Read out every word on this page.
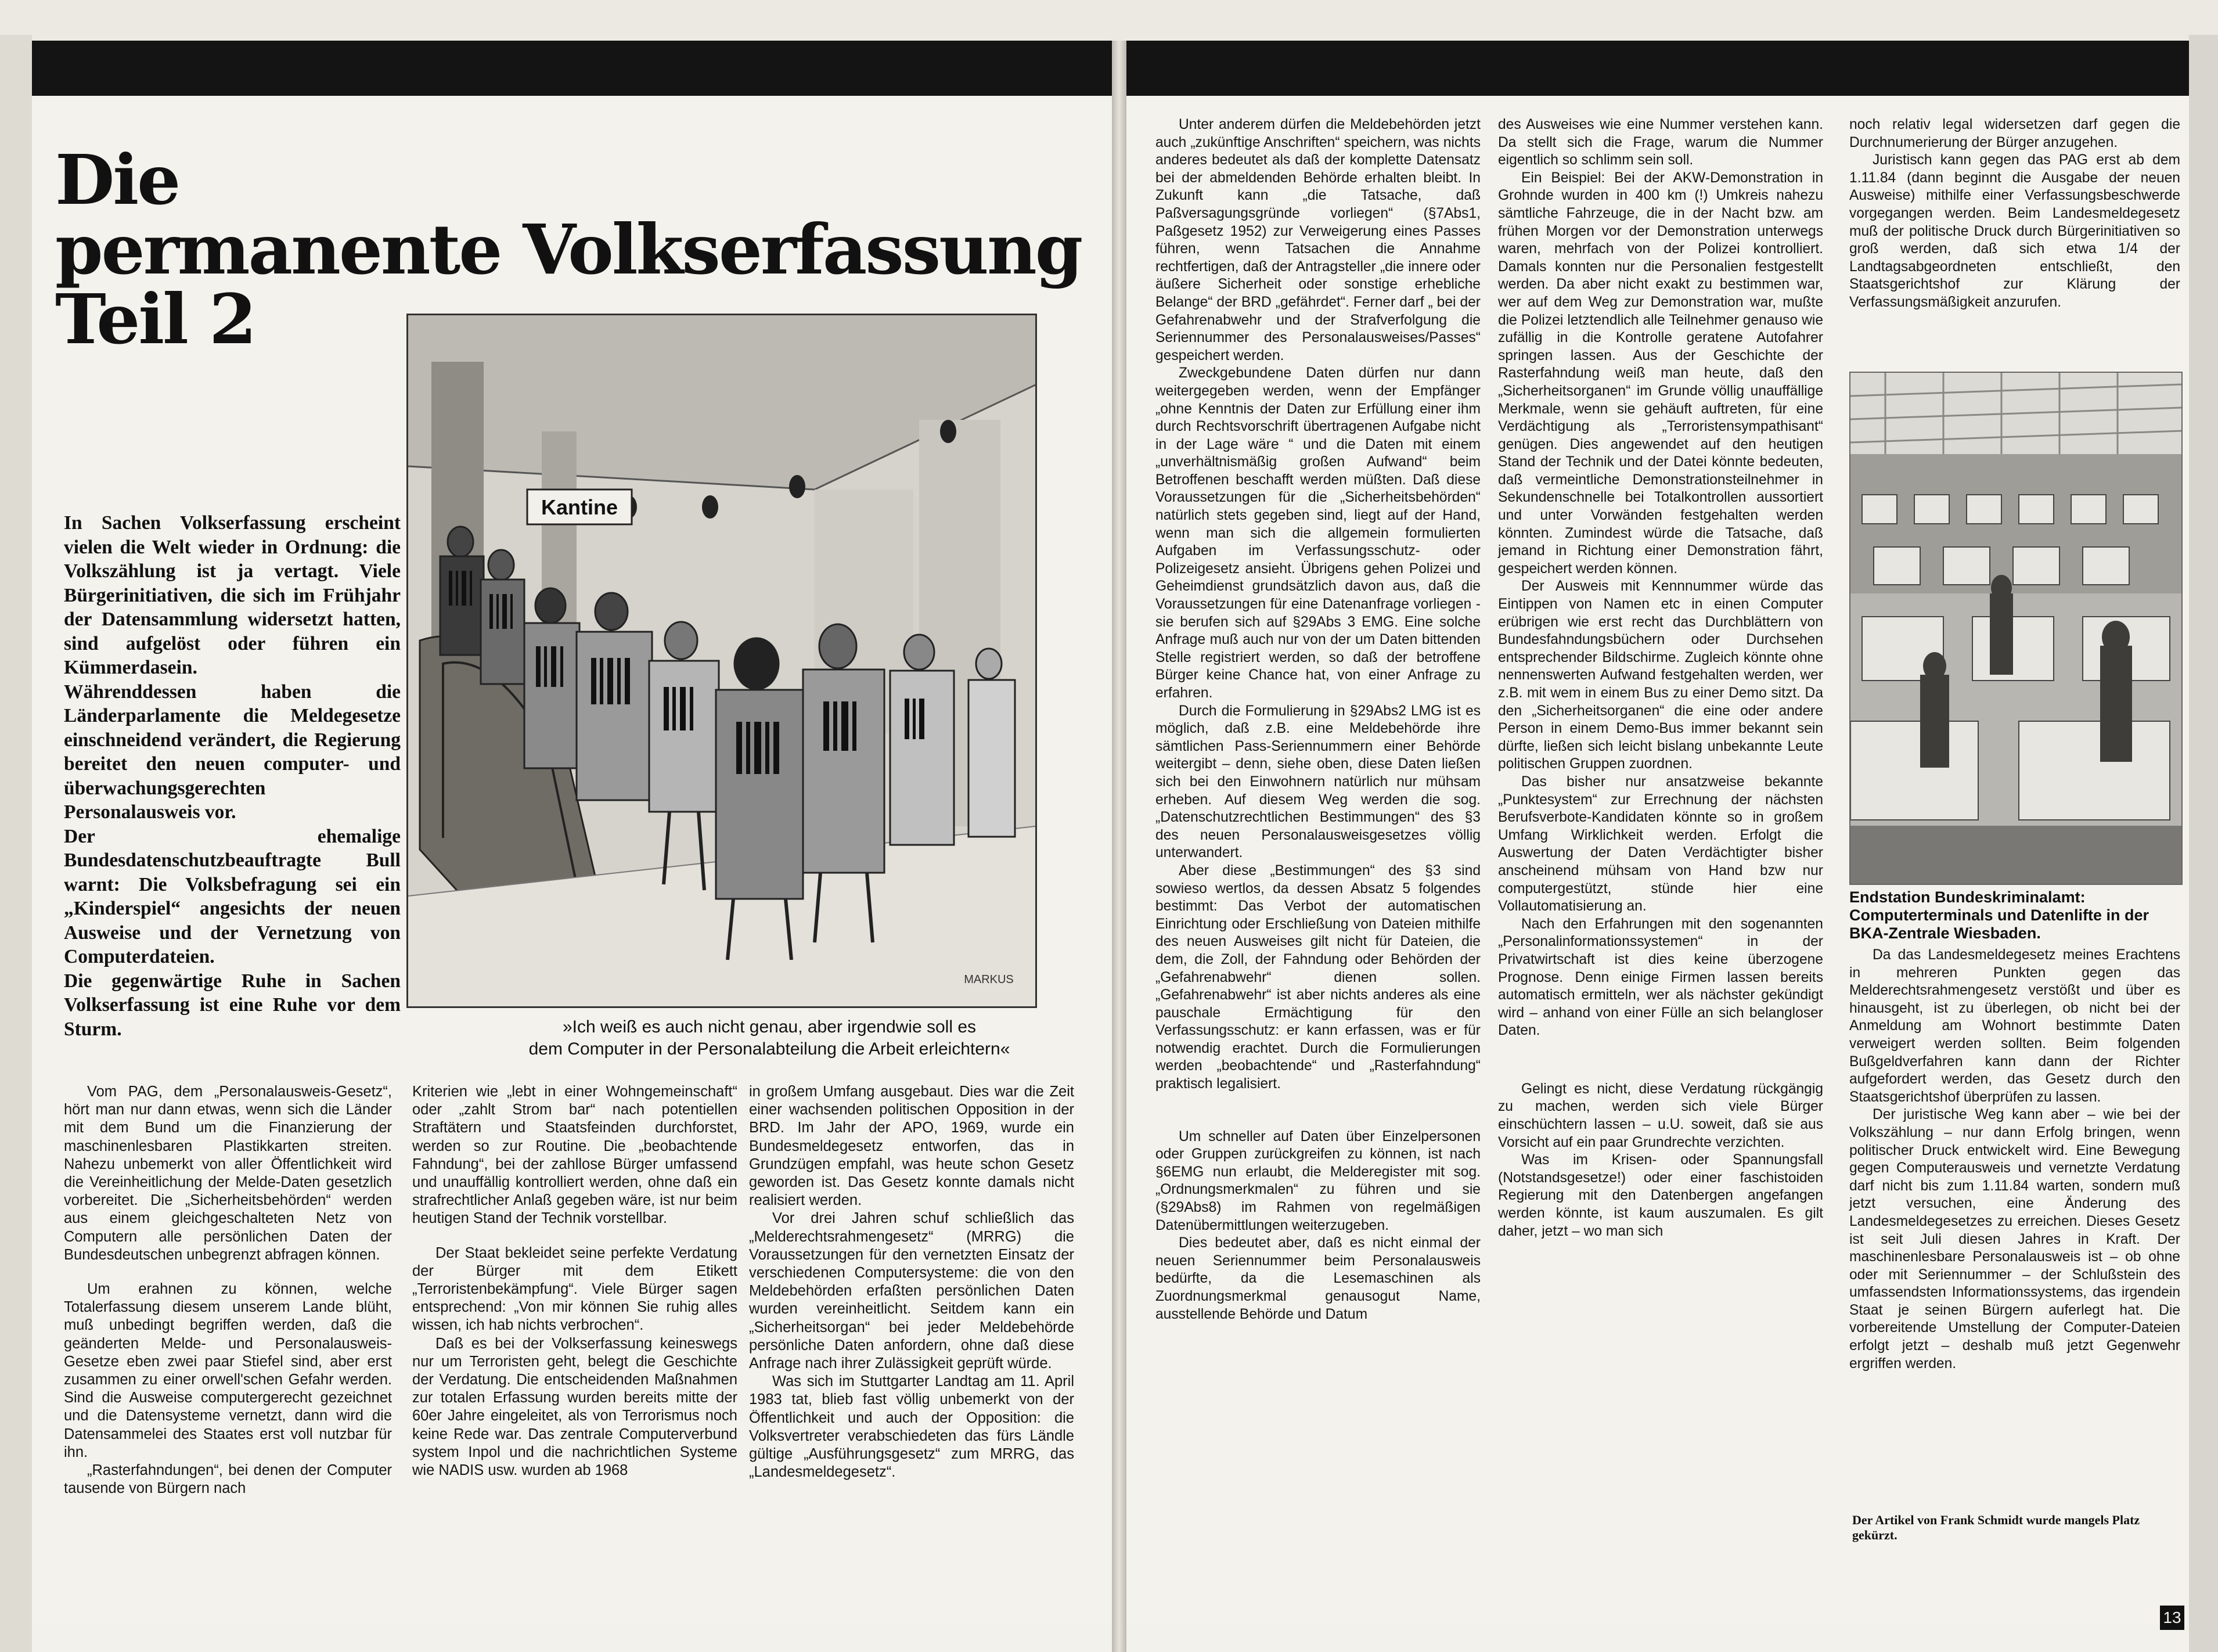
Die
permanente Volkserfassung
Teil 2

In Sachen Volkserfassung erscheint vielen die Welt wieder in Ordnung: die Volkszählung ist ja vertagt. Viele Bürgerinitiativen, die sich im Frühjahr der Datensammlung widersetzt hatten, sind aufgelöst oder führen ein Kümmerdasein.

Währenddessen haben die Länderparlamente die Meldegesetze einschneidend verändert, die Regierung bereitet den neuen computer- und überwachungsgerechten Personalausweis vor.

Der ehemalige Bundesdatenschutzbeauftragte Bull warnt: Die Volksbefragung sei ein „Kinderspiel“ angesichts der neuen Ausweise und der Vernetzung von Computerdateien.

Die gegenwärtige Ruhe in Sachen Volkserfassung ist eine Ruhe vor dem Sturm.

Kantine
MARKUS
»Ich weiß es auch nicht genau, aber irgendwie soll es
dem Computer in der Personalabteilung die Arbeit erleichtern«

Vom PAG, dem „Personalausweis-Gesetz“, hört man nur dann etwas, wenn sich die Länder mit dem Bund um die Finanzierung der maschinenlesbaren Plastikkarten streiten. Nahezu unbemerkt von aller Öffentlichkeit wird die Vereinheitlichung der Melde-Daten gesetzlich vorbereitet. Die „Sicherheitsbehörden“ werden aus einem gleichgeschalteten Netz von Computern alle persönlichen Daten der Bundesdeutschen unbegrenzt abfragen können.

Um erahnen zu können, welche Totalerfassung diesem unserem Lande blüht, muß unbedingt begriffen werden, daß die geänderten Melde- und Personalausweis-Gesetze eben zwei paar Stiefel sind, aber erst zusammen zu einer orwell'schen Gefahr werden. Sind die Ausweise computergerecht gezeichnet und die Datensysteme vernetzt, dann wird die Datensammelei des Staates erst voll nutzbar für ihn.

„Rasterfahndungen“, bei denen der Computer tausende von Bürgern nach

Kriterien wie „lebt in einer Wohngemeinschaft“ oder „zahlt Strom bar“ nach potentiellen Straftätern und Staatsfeinden durchforstet, werden so zur Routine. Die „beobachtende Fahndung“, bei der zahllose Bürger umfassend und unauffällig kontrolliert werden, ohne daß ein strafrechtlicher Anlaß gegeben wäre, ist nur beim heutigen Stand der Technik vorstellbar.

Der Staat bekleidet seine perfekte Verdatung der Bürger mit dem Etikett „Terroristenbekämpfung“. Viele Bürger sagen entsprechend: „Von mir können Sie ruhig alles wissen, ich hab nichts verbrochen“.

Daß es bei der Volkserfassung keineswegs nur um Terroristen geht, belegt die Geschichte der Verdatung. Die entscheidenden Maßnahmen zur totalen Erfassung wurden bereits mitte der 60er Jahre eingeleitet, als von Terrorismus noch keine Rede war. Das zentrale Computerverbund system Inpol und die nachrichtlichen Systeme wie NADIS usw. wurden ab 1968

in großem Umfang ausgebaut. Dies war die Zeit einer wachsenden politischen Opposition in der BRD. Im Jahr der APO, 1969, wurde ein Bundesmeldegesetz entworfen, das in Grundzügen empfahl, was heute schon Gesetz geworden ist. Das Gesetz konnte damals nicht realisiert werden.

Vor drei Jahren schuf schließlich das „Melderechtsrahmengesetz“ (MRRG) die Voraussetzungen für den vernetzten Einsatz der verschiedenen Computersysteme: die von den Meldebehörden erfaßten persönlichen Daten wurden vereinheitlicht. Seitdem kann ein „Sicherheitsorgan“ bei jeder Meldebehörde persönliche Daten anfordern, ohne daß diese Anfrage nach ihrer Zulässigkeit geprüft würde.

Was sich im Stuttgarter Landtag am 11. April 1983 tat, blieb fast völlig unbemerkt von der Öffentlichkeit und auch der Opposition: die Volksvertreter verabschiedeten das fürs Ländle gültige „Ausführungsgesetz“ zum MRRG, das „Landesmeldegesetz“.

Unter anderem dürfen die Meldebehörden jetzt auch „zukünftige Anschriften“ speichern, was nichts anderes bedeutet als daß der komplette Datensatz bei der abmeldenden Behörde erhalten bleibt. In Zukunft kann „die Tatsache, daß Paßversagungsgründe vorliegen“ (§7Abs1, Paßgesetz 1952) zur Verweigerung eines Passes führen, wenn Tatsachen die Annahme rechtfertigen, daß der Antragsteller „die innere oder äußere Sicherheit oder sonstige erhebliche Belange“ der BRD „gefährdet“. Ferner darf „ bei der Gefahrenabwehr und der Strafverfolgung die Seriennummer des Personalausweises/Passes“ gespeichert werden.

Zweckgebundene Daten dürfen nur dann weitergegeben werden, wenn der Empfänger „ohne Kenntnis der Daten zur Erfüllung einer ihm durch Rechtsvorschrift übertragenen Aufgabe nicht in der Lage wäre “ und die Daten mit einem „unverhältnismäßig großen Aufwand“ beim Betroffenen beschafft werden müßten. Daß diese Voraussetzungen für die „Sicherheitsbehörden“ natürlich stets gegeben sind, liegt auf der Hand, wenn man sich die allgemein formulierten Aufgaben im Verfassungsschutz- oder Polizeigesetz ansieht. Übrigens gehen Polizei und Geheimdienst grundsätzlich davon aus, daß die Voraussetzungen für eine Datenanfrage vorliegen - sie berufen sich auf §29Abs 3 EMG. Eine solche Anfrage muß auch nur von der um Daten bittenden Stelle registriert werden, so daß der betroffene Bürger keine Chance hat, von einer Anfrage zu erfahren.

Durch die Formulierung in §29Abs2 LMG ist es möglich, daß z.B. eine Meldebehörde ihre sämtlichen Pass-Seriennummern einer Behörde weitergibt – denn, siehe oben, diese Daten ließen sich bei den Einwohnern natürlich nur mühsam erheben. Auf diesem Weg werden die sog. „Datenschutzrechtlichen Bestimmungen“ des §3 des neuen Personalausweisgesetzes völlig unterwandert.

Aber diese „Bestimmungen“ des §3 sind sowieso wertlos, da dessen Absatz 5 folgendes bestimmt: Das Verbot der automatischen Einrichtung oder Erschließung von Dateien mithilfe des neuen Ausweises gilt nicht für Dateien, die dem, die Zoll, der Fahndung oder Behörden der „Gefahrenabwehr“ dienen sollen. „Gefahrenabwehr“ ist aber nichts anderes als eine pauschale Ermächtigung für den Verfassungsschutz: er kann erfassen, was er für notwendig erachtet. Durch die Formulierungen werden „beobachtende“ und „Rasterfahndung“ praktisch legalisiert.

Um schneller auf Daten über Einzelpersonen oder Gruppen zurückgreifen zu können, ist nach §6EMG nun erlaubt, die Melderegister mit sog. „Ordnungsmerkmalen“ zu führen und sie (§29Abs8) im Rahmen von regelmäßigen Datenübermittlungen weiterzugeben.

Dies bedeutet aber, daß es nicht einmal der neuen Seriennummer beim Personalausweis bedürfte, da die Lesemaschinen als Zuordnungsmerkmal genausogut Name, ausstellende Behörde und Datum

des Ausweises wie eine Nummer verstehen kann. Da stellt sich die Frage, warum die Nummer eigentlich so schlimm sein soll.

Ein Beispiel: Bei der AKW-Demonstration in Grohnde wurden in 400 km (!) Umkreis nahezu sämtliche Fahrzeuge, die in der Nacht bzw. am frühen Morgen vor der Demonstration unterwegs waren, mehrfach von der Polizei kontrolliert. Damals konnten nur die Personalien festgestellt werden. Da aber nicht exakt zu bestimmen war, wer auf dem Weg zur Demonstration war, mußte die Polizei letztendlich alle Teilnehmer genauso wie zufällig in die Kontrolle geratene Autofahrer springen lassen. Aus der Geschichte der Rasterfahndung weiß man heute, daß den „Sicherheitsorganen“ im Grunde völlig unauffällige Merkmale, wenn sie gehäuft auftreten, für eine Verdächtigung als „Terroristensympathisant“ genügen. Dies angewendet auf den heutigen Stand der Technik und der Datei könnte bedeuten, daß vermeintliche Demonstrationsteilnehmer in Sekundenschnelle bei Totalkontrollen aussortiert und unter Vorwänden festgehalten werden könnten. Zumindest würde die Tatsache, daß jemand in Richtung einer Demonstration fährt, gespeichert werden können.

Der Ausweis mit Kennnummer würde das Eintippen von Namen etc in einen Computer erübrigen wie erst recht das Durchblättern von Bundesfahndungsbüchern oder Durchsehen entsprechender Bildschirme. Zugleich könnte ohne nennenswerten Aufwand festgehalten werden, wer z.B. mit wem in einem Bus zu einer Demo sitzt. Da den „Sicherheitsorganen“ die eine oder andere Person in einem Demo-Bus immer bekannt sein dürfte, ließen sich leicht bislang unbekannte Leute politischen Gruppen zuordnen.

Das bisher nur ansatzweise bekannte „Punktesystem“ zur Errechnung der nächsten Berufsverbote-Kandidaten könnte so in großem Umfang Wirklichkeit werden. Erfolgt die Auswertung der Daten Verdächtigter bisher anscheinend mühsam von Hand bzw nur computergestützt, stünde hier eine Vollautomatisierung an.

Nach den Erfahrungen mit den sogenannten „Personalinformationssystemen“ in der Privatwirtschaft ist dies keine überzogene Prognose. Denn einige Firmen lassen bereits automatisch ermitteln, wer als nächster gekündigt wird – anhand von einer Fülle an sich belangloser Daten.

Gelingt es nicht, diese Verdatung rückgängig zu machen, werden sich viele Bürger einschüchtern lassen – u.U. soweit, daß sie aus Vorsicht auf ein paar Grundrechte verzichten.

Was im Krisen- oder Spannungsfall (Notstandsgesetze!) oder einer faschistoiden Regierung mit den Datenbergen angefangen werden könnte, ist kaum auszumalen. Es gilt daher, jetzt – wo man sich

noch relativ legal widersetzen darf gegen die Durchnumerierung der Bürger anzugehen.

Juristisch kann gegen das PAG erst ab dem 1.11.84 (dann beginnt die Ausgabe der neuen Ausweise) mithilfe einer Verfassungsbeschwerde vorgegangen werden. Beim Landesmeldegesetz muß der politische Druck durch Bürgerinitiativen so groß werden, daß sich etwa 1/4 der Landtagsabgeordneten entschließt, den Staatsgerichtshof zur Klärung der Verfassungsmäßigkeit anzurufen.

Endstation Bundeskriminalamt: Computerterminals und Datenlifte in der BKA-Zentrale Wiesbaden.

Da das Landesmeldegesetz meines Erachtens in mehreren Punkten gegen das Melderechtsrahmengesetz verstößt und über es hinausgeht, ist zu überlegen, ob nicht bei der Anmeldung am Wohnort bestimmte Daten verweigert werden sollten. Beim folgenden Bußgeldverfahren kann dann der Richter aufgefordert werden, das Gesetz durch den Staatsgerichtshof überprüfen zu lassen.

Der juristische Weg kann aber – wie bei der Volkszählung – nur dann Erfolg bringen, wenn politischer Druck entwickelt wird. Eine Bewegung gegen Computerausweis und vernetzte Verdatung darf nicht bis zum 1.11.84 warten, sondern muß jetzt versuchen, eine Änderung des Landesmeldegesetzes zu erreichen. Dieses Gesetz ist seit Juli diesen Jahres in Kraft. Der maschinenlesbare Personalausweis ist – ob ohne oder mit Seriennummer – der Schlußstein des umfassendsten Informationssystems, das irgendein Staat je seinen Bürgern auferlegt hat. Die vorbereitende Umstellung der Computer-Dateien erfolgt jetzt – deshalb muß jetzt Gegenwehr ergriffen werden.

Der Artikel von Frank Schmidt wurde mangels Platz gekürzt.
13
